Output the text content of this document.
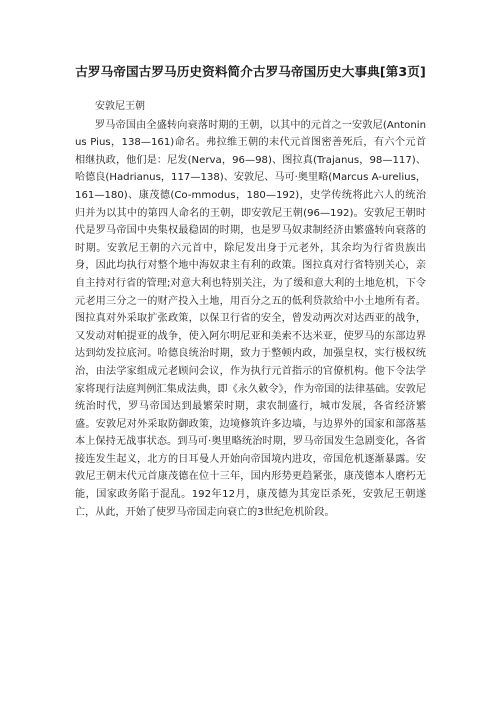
古罗马帝国古罗马历史资料简介古罗马帝国历史大事典[第3页]
安敦尼王朝

罗马帝国由全盛转向衰落时期的王朝，以其中的元首之一安敦尼(Antoninus Pius，138—161)命名。弗拉维王朝的末代元首图密善死后，有六个元首相继执政，他们是：尼发(Nerva，96—98)、图拉真(Trajanus，98—117)、哈德良(Hadrianus，117—138)、安敦尼、马可·奥里略(Marcus A-urelius，161—180)、康茂德(Co-mmodus，180—192)，史学传统将此六人的统治归并为以其中的第四人命名的王朝，即安敦尼王朝(96—192)。安敦尼王朝时代是罗马帝国中央集权最稳固的时期，也是罗马奴隶制经济由繁盛转向衰落的时期。安敦尼王朝的六元首中，除尼发出身于元老外，其余均为行省贵族出身，因此均执行对整个地中海奴隶主有利的政策。图拉真对行省特别关心，亲自主持对行省的管理;对意大利也特别关注，为了缓和意大利的土地危机，下令元老用三分之一的财产投入土地，用百分之五的低利贷款给中小土地所有者。图拉真对外采取扩张政策，以保卫行省的安全，曾发动两次对达西亚的战争，又发动对帕提亚的战争，使入阿尔明尼亚和美索不达米亚，使罗马的东部边界达到幼发拉底河。哈德良统治时期，致力于整顿内政，加强皇权，实行极权统治，由法学家组成元老顾问会议，作为执行元首指示的官僚机构。他下令法学家将现行法庭判例汇集成法典，即《永久敕令》，作为帝国的法律基础。安敦尼统治时代，罗马帝国达到最繁荣时期，隶农制盛行，城市发展，各省经济繁盛。安敦尼对外采取防御政策，边境修筑许多边墙，与边界外的国家和部落基本上保持无战事状态。到马可·奥里略统治时期，罗马帝国发生急剧变化，各省接连发生起义，北方的日耳曼人开始向帝国境内进攻，帝国危机逐渐暴露。安敦尼王朝末代元首康茂德在位十三年，国内形势更趋紧张，康茂德本人磨朽无能，国家政务陷于混乱。192年12月，康茂德为其宠臣杀死，安敦尼王朝遂亡，从此，开始了使罗马帝国走向衰亡的3世纪危机阶段。
